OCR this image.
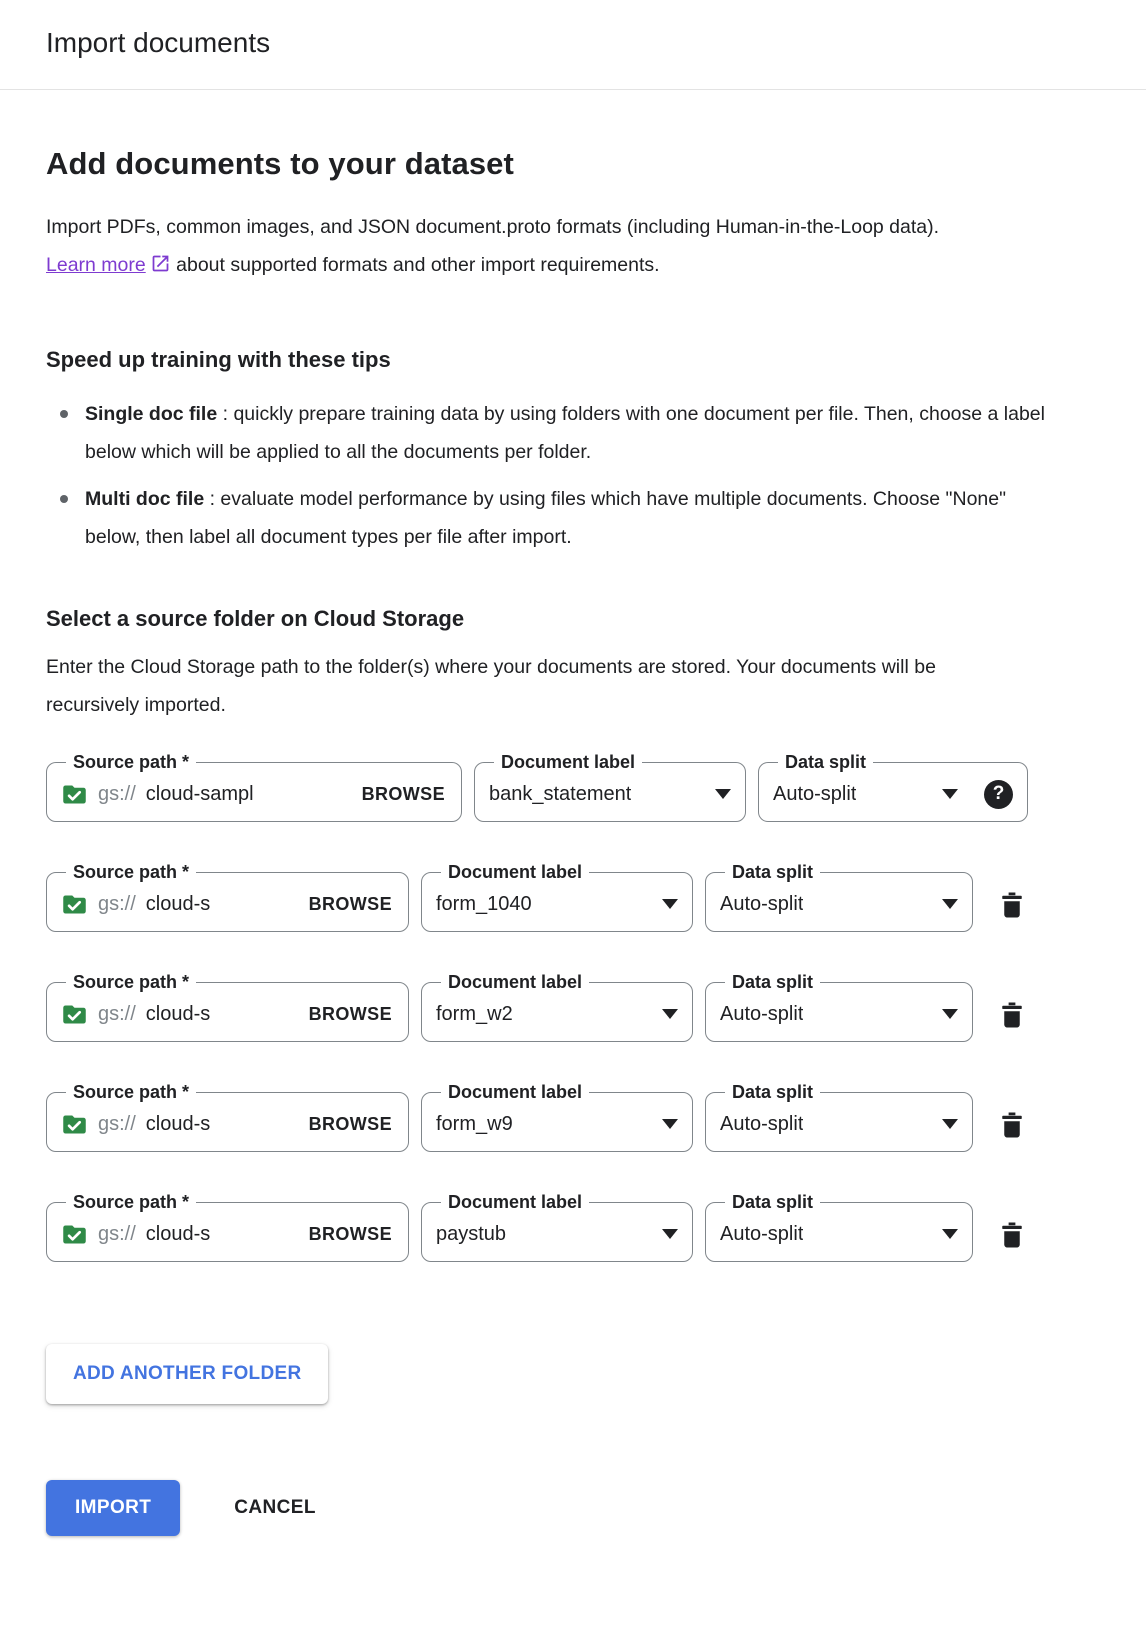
Import documents
Add documents to your dataset

Import PDFs, common images, and JSON document.proto formats (including Human-in-the-Loop data). Learn more about supported formats and other import requirements.

Speed up training with these tips
Single doc file : quickly prepare training data by using folders with one document per file. Then, choose a label below which will be applied to all the documents per folder.
Multi doc file : evaluate model performance by using files which have multiple documents. Choose "None" below, then label all document types per file after import.
Select a source folder on Cloud Storage

Enter the Cloud Storage path to the folder(s) where your documents are stored. Your documents will be recursively imported.

Source path *
gs:// cloud-sampl	BROWSE
Document label
bank_statement
Data split
Auto-split	?
Source path *
gs:// cloud-s	BROWSE
Document label
form_1040
Data split
Auto-split
Source path *
gs:// cloud-s	BROWSE
Document label
form_w2
Data split
Auto-split
Source path *
gs:// cloud-s	BROWSE
Document label
form_w9
Data split
Auto-split
Source path *
gs:// cloud-s	BROWSE
Document label
paystub
Data split
Auto-split
ADD ANOTHER FOLDER
IMPORT	CANCEL
